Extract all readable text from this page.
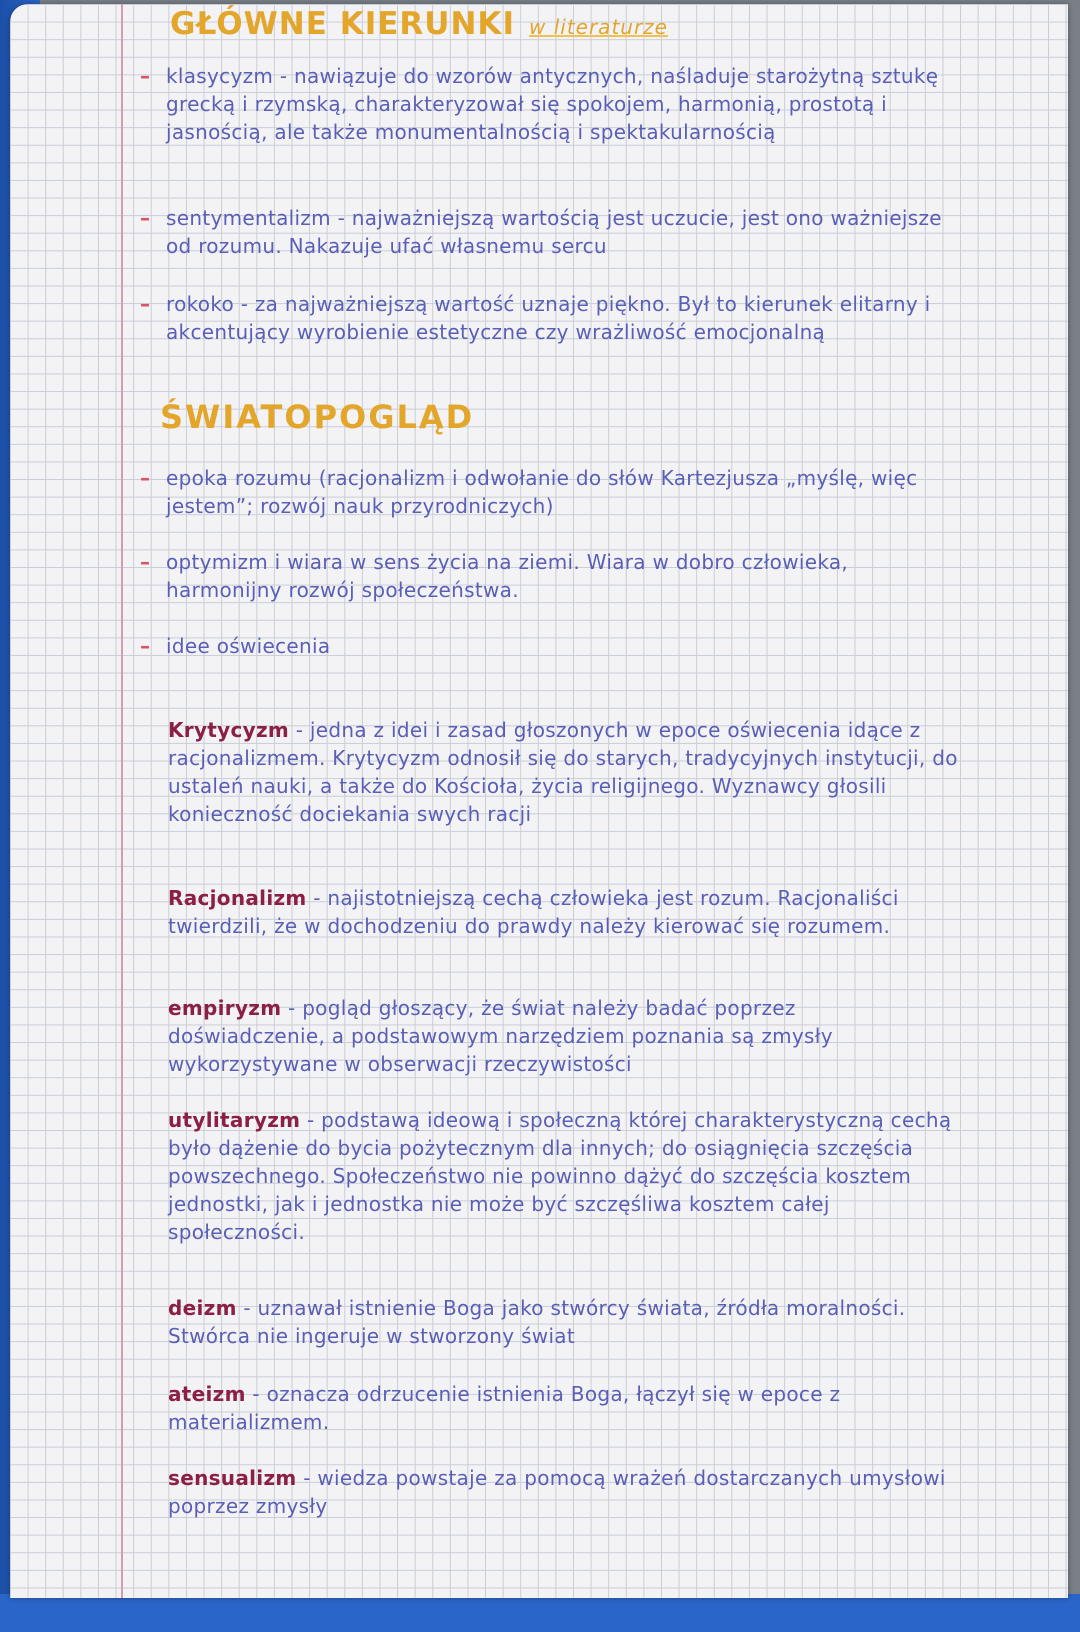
GŁÓWNE KIERUNKI w literaturze
– klasycyzm - nawiązuje do wzorów antycznych, naśladuje starożytną sztukę grecką i rzymską, charakteryzował się spokojem, harmonią, prostotą i jasnością, ale także monumentalnością i spektakularnością
– sentymentalizm - najważniejszą wartością jest uczucie, jest ono ważniejsze od rozumu. Nakazuje ufać własnemu sercu
– rokoko - za najważniejszą wartość uznaje piękno. Był to kierunek elitarny i akcentujący wyrobienie estetyczne czy wrażliwość emocjonalną
ŚWIATOPOGLĄD
– epoka rozumu (racjonalizm i odwołanie do słów Kartezjusza „myślę, więc jestem”; rozwój nauk przyrodniczych)
– optymizm i wiara w sens życia na ziemi. Wiara w dobro człowieka, harmonijny rozwój społeczeństwa.
– idee oświecenia
Krytycyzm - jedna z idei i zasad głoszonych w epoce oświecenia idące z racjonalizmem. Krytycyzm odnosił się do starych, tradycyjnych instytucji, do ustaleń nauki, a także do Kościoła, życia religijnego. Wyznawcy głosili konieczność dociekania swych racji
Racjonalizm - najistotniejszą cechą człowieka jest rozum. Racjonaliści twierdzili, że w dochodzeniu do prawdy należy kierować się rozumem.
empiryzm - pogląd głoszący, że świat należy badać poprzez doświadczenie, a podstawowym narzędziem poznania są zmysły wykorzystywane w obserwacji rzeczywistości
utylitaryzm - podstawą ideową i społeczną której charakterystyczną cechą było dążenie do bycia pożytecznym dla innych; do osiągnięcia szczęścia powszechnego. Społeczeństwo nie powinno dążyć do szczęścia kosztem jednostki, jak i jednostka nie może być szczęśliwa kosztem całej społeczności.
deizm - uznawał istnienie Boga jako stwórcy świata, źródła moralności. Stwórca nie ingeruje w stworzony świat
ateizm - oznacza odrzucenie istnienia Boga, łączył się w epoce z materializmem.
sensualizm - wiedza powstaje za pomocą wrażeń dostarczanych umysłowi poprzez zmysły
